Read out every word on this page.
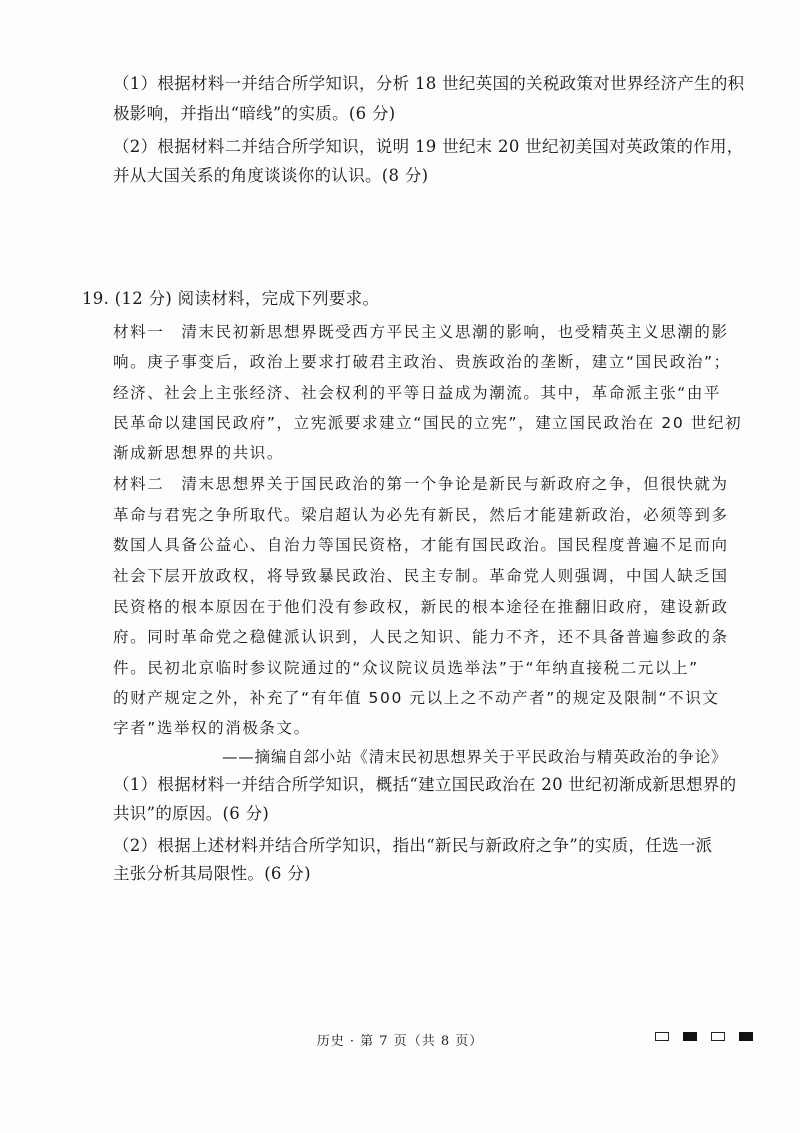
（1）根据材料一并结合所学知识，分析 18 世纪英国的关税政策对世界经济产生的积
极影响，并指出“暗线”的实质。(6 分)
（2）根据材料二并结合所学知识，说明 19 世纪末 20 世纪初美国对英政策的作用，
并从大国关系的角度谈谈你的认识。(8 分)
19. (12 分) 阅读材料，完成下列要求。
材料一　清末民初新思想界既受西方平民主义思潮的影响，也受精英主义思潮的影
响。庚子事变后，政治上要求打破君主政治、贵族政治的垄断，建立“国民政治”；
经济、社会上主张经济、社会权利的平等日益成为潮流。其中，革命派主张“由平
民革命以建国民政府”，立宪派要求建立“国民的立宪”，建立国民政治在 20 世纪初
渐成新思想界的共识。
材料二　清末思想界关于国民政治的第一个争论是新民与新政府之争，但很快就为
革命与君宪之争所取代。梁启超认为必先有新民，然后才能建新政治，必须等到多
数国人具备公益心、自治力等国民资格，才能有国民政治。国民程度普遍不足而向
社会下层开放政权，将导致暴民政治、民主专制。革命党人则强调，中国人缺乏国
民资格的根本原因在于他们没有参政权，新民的根本途径在推翻旧政府，建设新政
府。同时革命党之稳健派认识到，人民之知识、能力不齐，还不具备普遍参政的条
件。民初北京临时参议院通过的“众议院议员选举法”于“年纳直接税二元以上”
的财产规定之外，补充了“有年值 500 元以上之不动产者”的规定及限制“不识文
字者”选举权的消极条文。
——摘编自郐小站《清末民初思想界关于平民政治与精英政治的争论》
（1）根据材料一并结合所学知识，概括“建立国民政治在 20 世纪初渐成新思想界的
共识”的原因。(6 分)
（2）根据上述材料并结合所学知识，指出“新民与新政府之争”的实质，任选一派
主张分析其局限性。(6 分)
历史 · 第 7 页（共 8 页）
